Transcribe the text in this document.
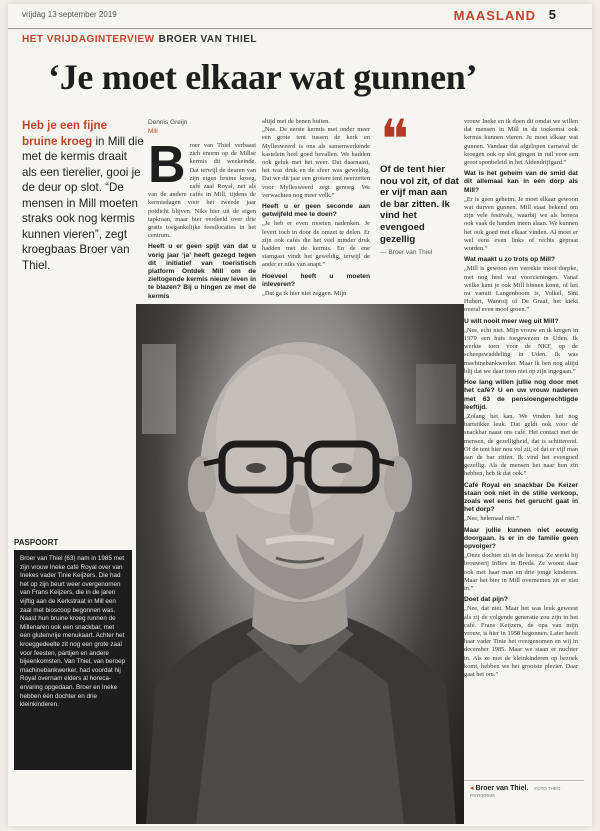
vrijdag 13 september 2019	MAASLAND 5
HET VRIJDAGINTERVIEW BROER VAN THIEL
‘Je moet elkaar wat gunnen’

Heb je een fijne bruine kroeg in Mill die met de kermis draait als een tierelier, gooi je de deur op slot. “De mensen in Mill moeten straks ook nog kermis kunnen vieren”, zegt kroegbaas Broer van Thiel.

Dennis Greijn
Mill
B roer van Thiel verbaast zich enorm op de Millse kermis dit weekeinde. Dat terwijl de deuren van zijn eigen bruine kroeg, café zaal Royal, net als van de andere cafés in Mill, tijdens de kermisdagen voor het tweede jaar potdicht blijven. Niks bier uit de eigen tapkraan, maar bier verdeeld over drie gratis toegankelijke feestlocaties in het centrum.
Heeft u er geen spijt van dat u vorig jaar ‘ja’ heeft gezegd tegen dit initiatief van toeristisch platform Ontdek Mill om de zieltogende kermis nieuw leven in te blazen? Bij u hingen ze met de kermis
altijd met de benen buiten.
„Nee. De eerste kermis met onder meer een grote tent tussen de kerk en Myllesweerd is ons als samenwerkende kastelein heel goed bevallen. We hadden ook geluk met het weer. Dat daarnaast, het was druk en de sfeer was geweldig. Dat we dit jaar een grotere tent neerzetten voor Myllesweerd zegt genoeg. We verwachten nog meer volk.”
Heeft u er geen seconde aan getwijfeld mee te doen?
„Je heb er even moeten nadenken. Je levert toch in door de omzet te delen. Er zijn ook cafés die het veel minder druk hadden met de kermis. En de ene stamgast vindt het geweldig, terwijl de ander er niks van snapt.”
Hoeveel heeft u moeten inleveren?
„Dat ga ik hier niet zeggen. Mijn
❝
Of de tent hier nou vol zit, of dat er vijf man aan de bar zitten. Ik vind het evengoed gezellig
— Broer van Thiel
vrouw Ineke en ik doen dit omdat we willen dat mensen in Mill in de toekomst ook kermis kunnen vieren. Je moet elkaar wat gunnen. Vandaar dat afgelopen carnaval de kroegen ook op slot gingen in ruil voor een groot sponbeleid in het Aldendrijfgard.”
Wat is het geheim van de smid dat dit allemaal kan in een dorp als Mill?
„Er is geen geheim. Je moet elkaar gewoon wat durven gunnen. Mill staat bekend om zijn vele festivals, waarbij we als horeca ook vaak de handen ineen slaan. We kunnen het ook goed met elkaar vinden. Al moet er wel eens even links of rechts gepraat worden.”
Wat maakt u zo trots op Mill?
„Mill is gewoon een verrekte mooi dorpke, met nog heel wat voorzieningen. Vanaf welke kant je ook Mill binnen komt, of het nu vanuit Langenboom is, Volkel, Sint Hubert, Wanroij of De Graaf, het kiekt overal even mooi groen.”
U wilt nooit meer weg uit Mill?
„Nee, echt niet. Mijn vrouw en ik kregen in 1979 een huis toegewezen in Uden. Ik werkte toen voor de NKF, op de scheepswaddeling in Uden. Ik was machinebankwerker. Maar ik ben nog altijd blij dat we daar toen niet op zijn ingegaan.”
Hoe lang willen jullie nog door met het café? U en uw vrouw naderen met 63 de pensioengerechtigde leeftijd.
„Zolang het kan. We vinden het nog hartstikke leuk. Dat geldt ook voor de snackbar naast ons café. Het contact met de mensen, de gezelligheid, dat is schitterend. Of de tent hier nou vol zit, of dat er vijf man aan de bar zitten. Ik vind het evengoed gezellig. Als de mensen het naar hun zin hebben, heb ik dat ook.”
Café Royal en snackbar De Keizer staan ook niet in de stille verkoop, zoals wel eens het gerucht gaat in het dorp?
„Nee, helemaal niet.”
Maar jullie kunnen niet eeuwig doorgaan. Is er in de familie geen opvolger?
„Onze dochter zit in de horeca. Ze werkt bij brouwerij InBev in Breda. Ze woont daar ook met haar man en drie jonge kinderen. Maar het bier in Mill overnemen zit er niet in.”
Doet dat pijn?
„Nee, dat niet. Maar het was leuk geweest als zij de volgende generatie zou zijn in het café. Frans Keijzers, de opa van mijn vrouw, is hier in 1958 begonnen. Later heeft haar vader Tinie het overgenomen en wij in december 1985. Maar we staan er nuchter in. Als ze met de kleinkinderen op bezoek komt, hebben we het grootste plezier. Daar gaat het om.”
PASPOORT
Broer van Thiel (63) nam in 1985 met zijn vrouw Ineke café Royal over van Inekes vader Tinie Keijzers. Die had het op zijn beurt weer overgenomen van Frans Keijzers, die in de jaren vijftig aan de Kerkstraat in Mill een zaal met bioscoop begonnen was. Naast hun bruine kroeg runnen de Millenaren ook een snackbar, met een glutenvrije menukaart. Achter het kroeggedeelte zit nog een grote zaal voor feesten, partijen en andere bijeenkomsten. Van Thiel, van beroep machinebankwerker, had voordat hij Royal overnam elders al horeca-ervaring opgedaan. Broer en Ineke hebben één dochter en drie kleinkinderen.
◂ Broer van Thiel. FOTO THEO PSYKERMS
